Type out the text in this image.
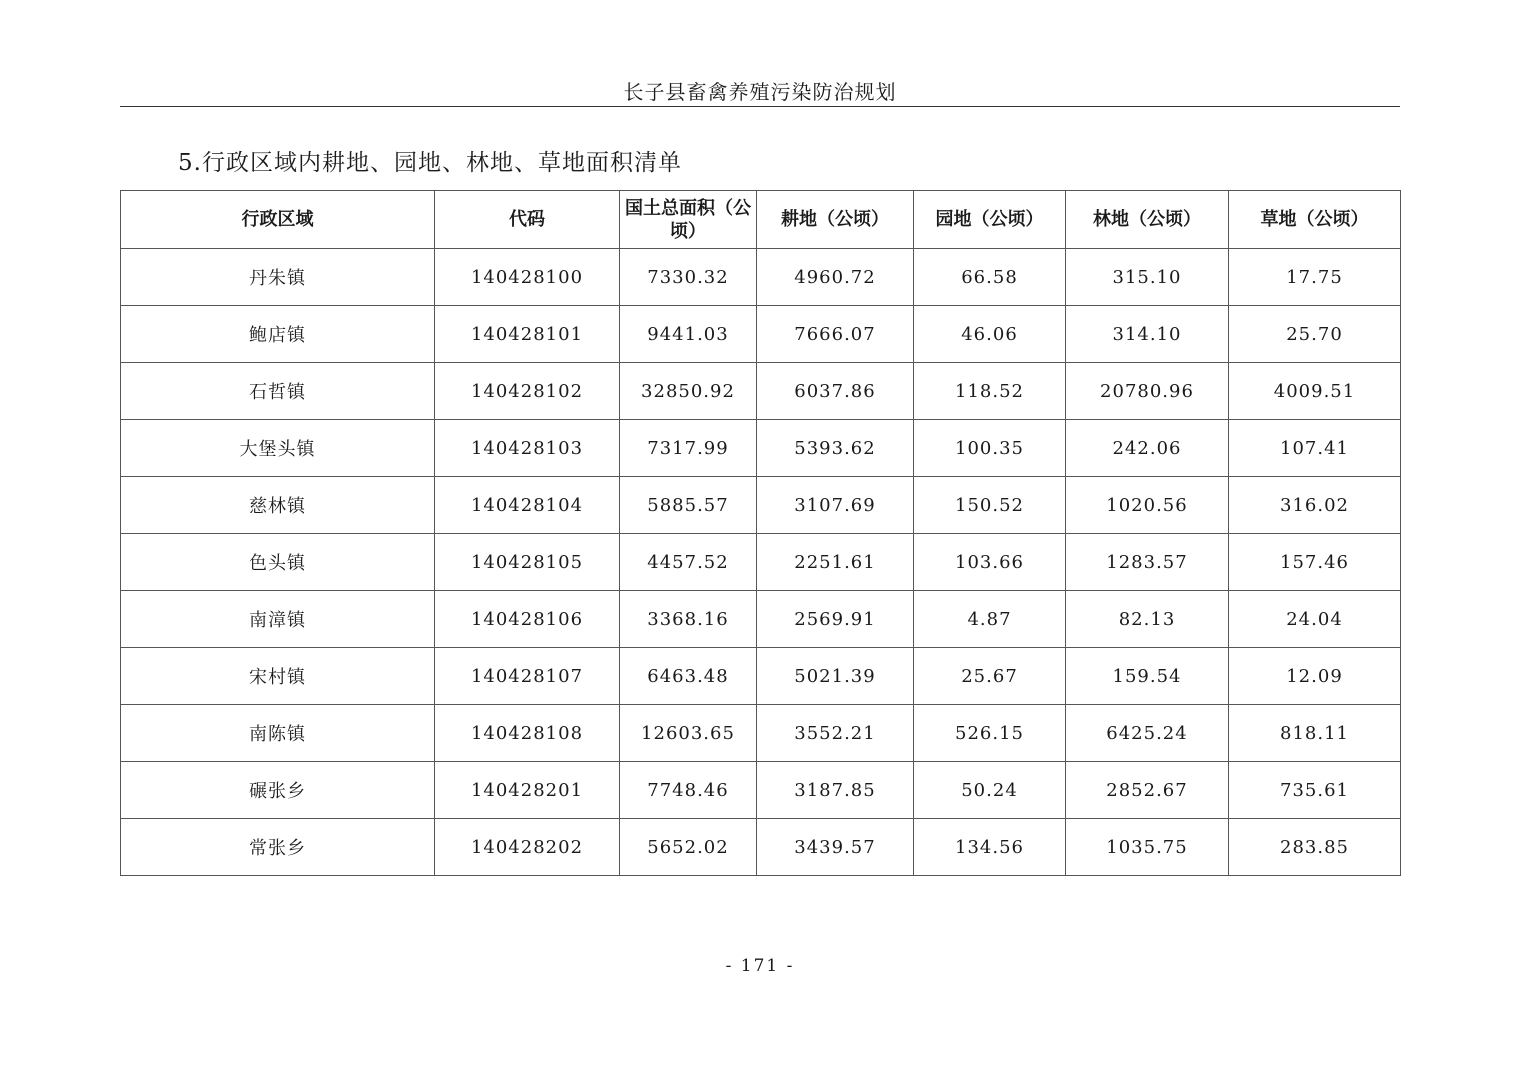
长子县畜禽养殖污染防治规划
5.行政区域内耕地、园地、林地、草地面积清单
行政区域	代码	国土总面积（公顷）	耕地（公顷）	园地（公顷）	林地（公顷）	草地（公顷）
丹朱镇	140428100	7330.32	4960.72	66.58	315.10	17.75
鲍店镇	140428101	9441.03	7666.07	46.06	314.10	25.70
石哲镇	140428102	32850.92	6037.86	118.52	20780.96	4009.51
大堡头镇	140428103	7317.99	5393.62	100.35	242.06	107.41
慈林镇	140428104	5885.57	3107.69	150.52	1020.56	316.02
色头镇	140428105	4457.52	2251.61	103.66	1283.57	157.46
南漳镇	140428106	3368.16	2569.91	4.87	82.13	24.04
宋村镇	140428107	6463.48	5021.39	25.67	159.54	12.09
南陈镇	140428108	12603.65	3552.21	526.15	6425.24	818.11
碾张乡	140428201	7748.46	3187.85	50.24	2852.67	735.61
常张乡	140428202	5652.02	3439.57	134.56	1035.75	283.85
- 171 -
